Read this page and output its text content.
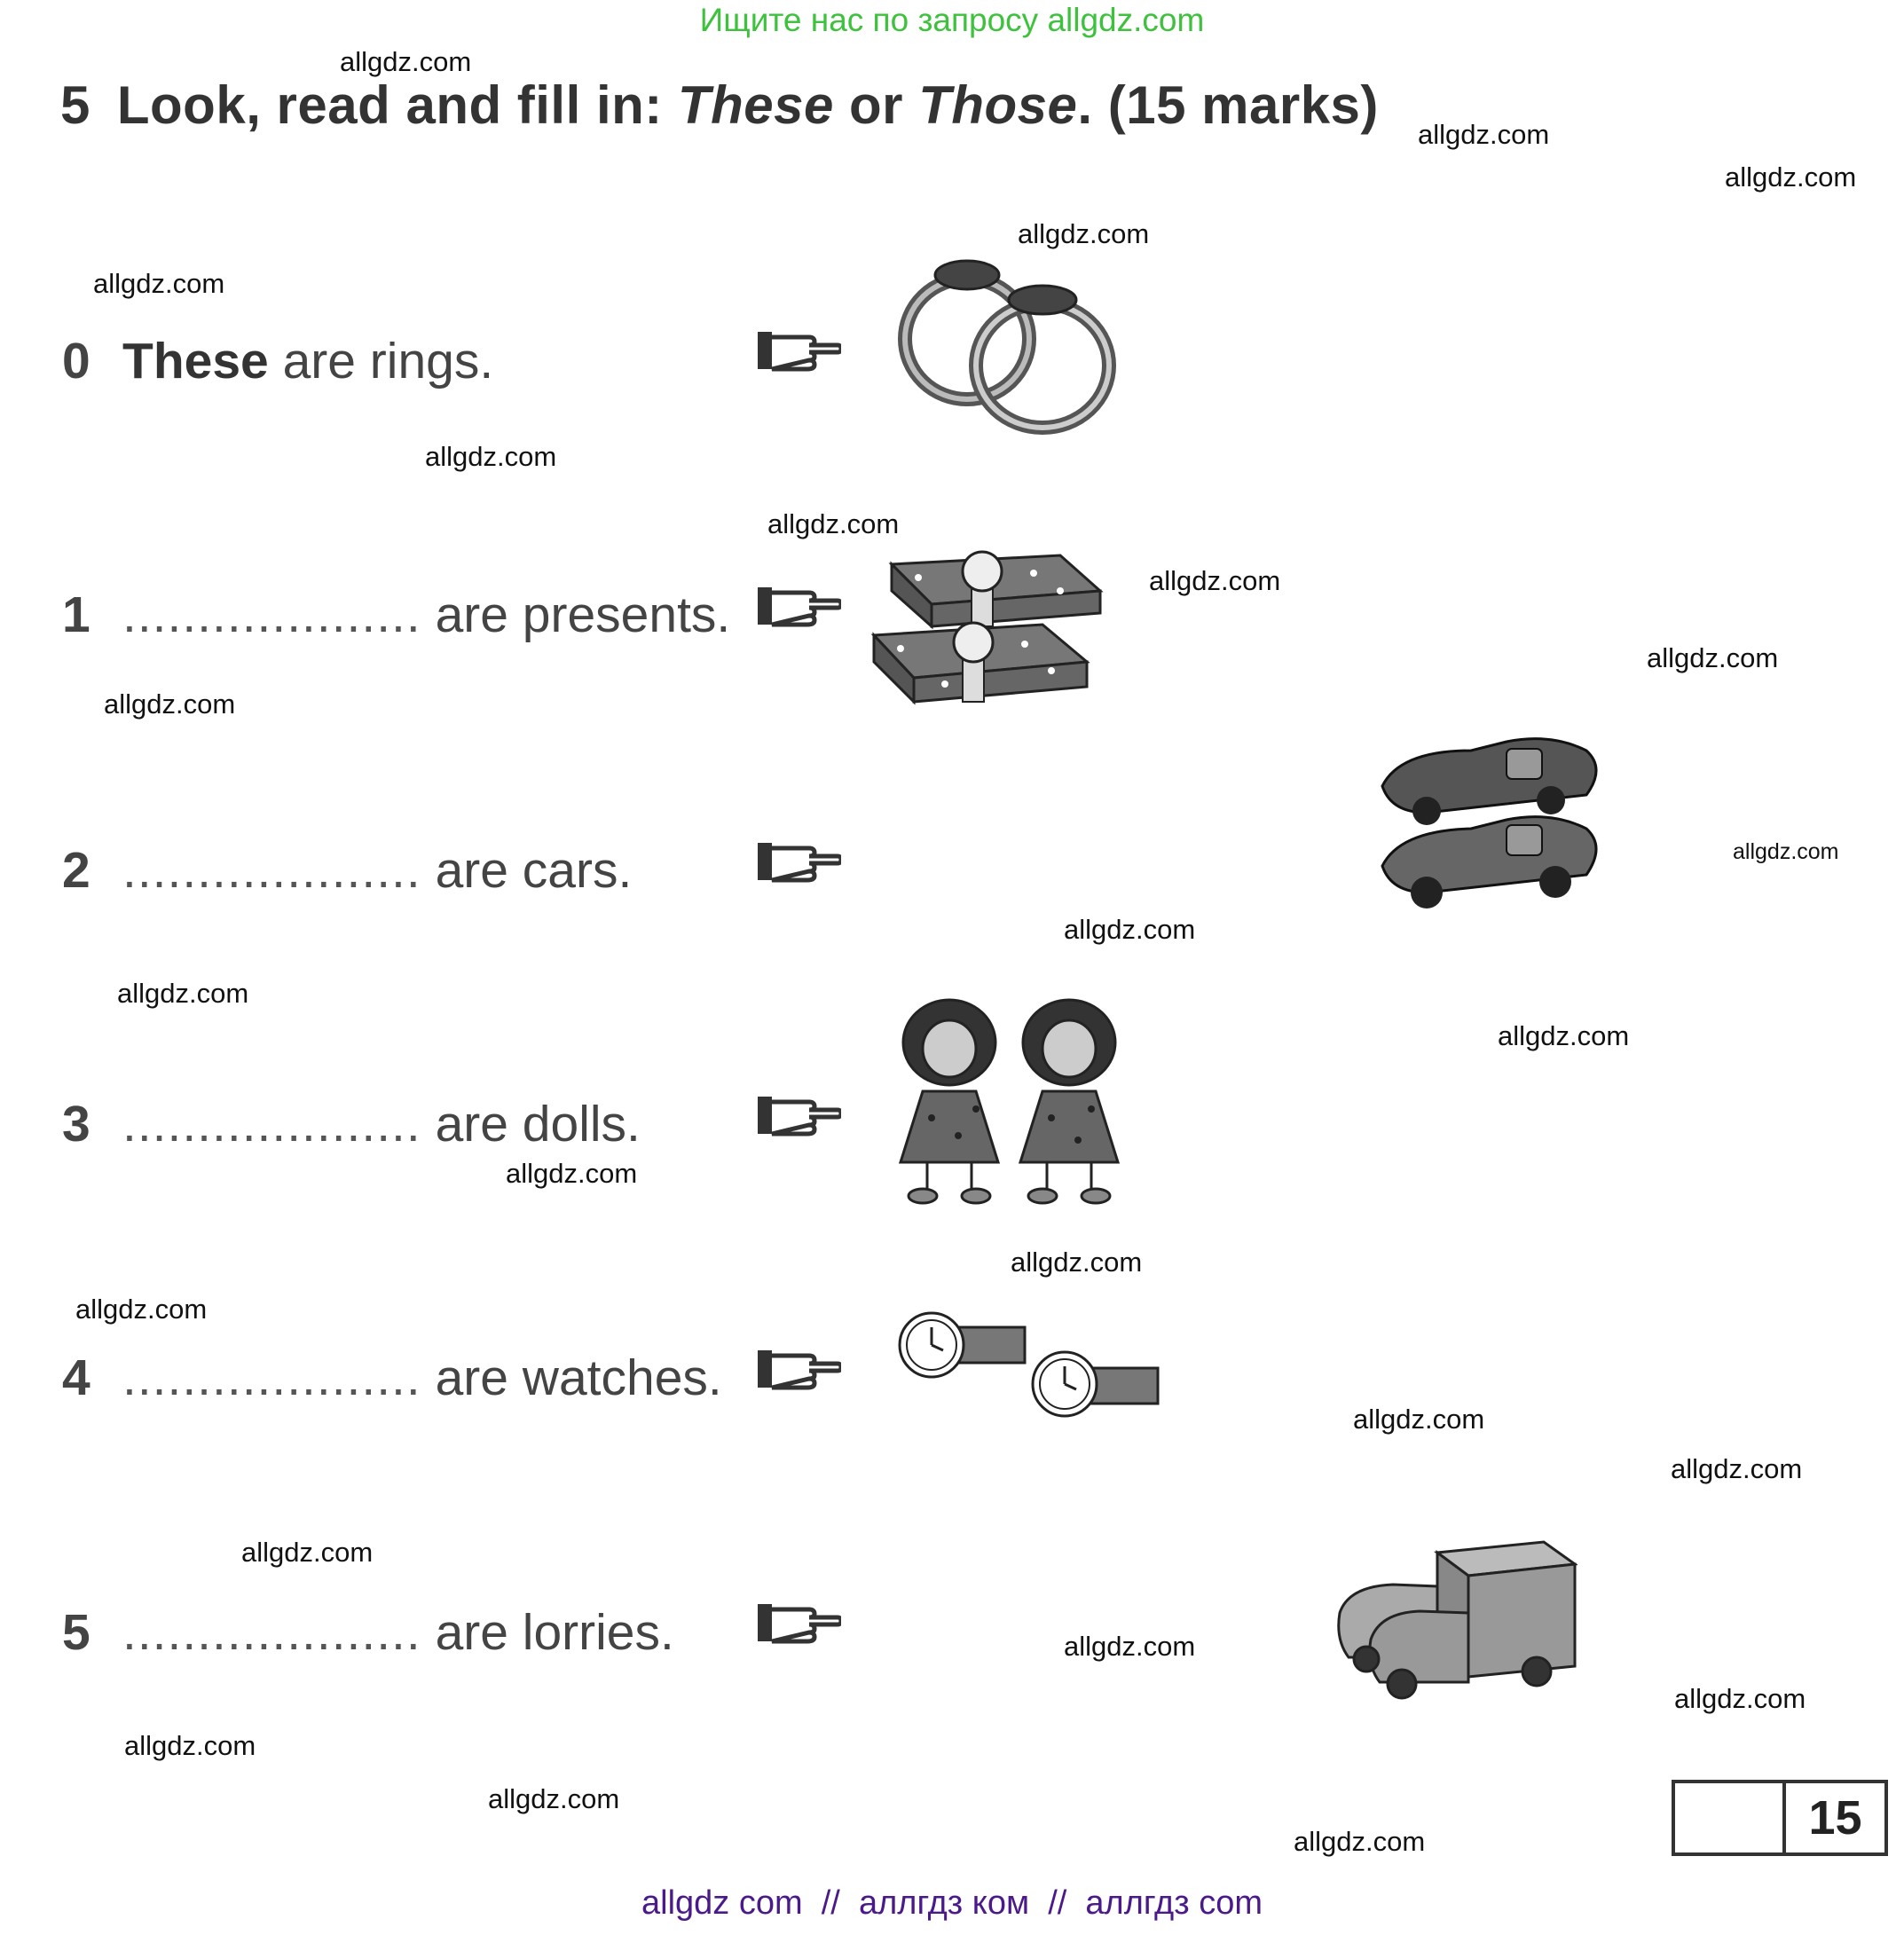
Ищите нас по запросу allgdz.com
5 Look, read and fill in: These or Those. (15 marks)
0 These are rings.
1 .................... are presents.
2 .................... are cars.
3 .................... are dolls.
4 .................... are watches.
5 .................... are lorries.
allgdz.com
allgdz.com
allgdz.com
allgdz.com
allgdz.com
allgdz.com
allgdz.com
allgdz.com
allgdz.com
allgdz.com
allgdz.com
allgdz.com
allgdz.com
allgdz.com
allgdz.com
allgdz.com
allgdz.com
allgdz.com
allgdz.com
allgdz.com
allgdz.com
allgdz.com
allgdz.com
allgdz.com
allgdz.com	15
allgdz com  //  аллгдз ком  //  аллгдз com
